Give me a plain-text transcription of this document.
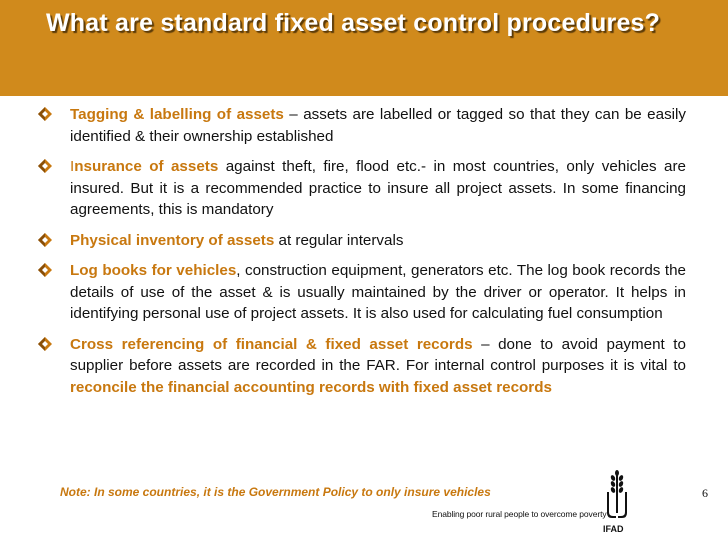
What are standard fixed asset control procedures?
Tagging & labelling of assets – assets are labelled or tagged so that they can be easily identified & their ownership established
Insurance of assets against theft, fire, flood etc.- in most countries, only vehicles are insured. But it is a recommended practice to insure all project assets. In some financing agreements, this is mandatory
Physical inventory of assets at regular intervals
Log books for vehicles, construction equipment, generators etc. The log book records the details of use of the asset & is usually maintained by the driver or operator. It helps in identifying personal use of project assets. It is also used for calculating fuel consumption
Cross referencing of financial & fixed asset records – done to avoid payment to supplier before assets are recorded in the FAR. For internal control purposes it is vital to reconcile the financial accounting records with fixed asset records
Note: In some countries, it is the Government Policy to only insure vehicles
IFAD
Enabling poor rural people to overcome poverty
6
